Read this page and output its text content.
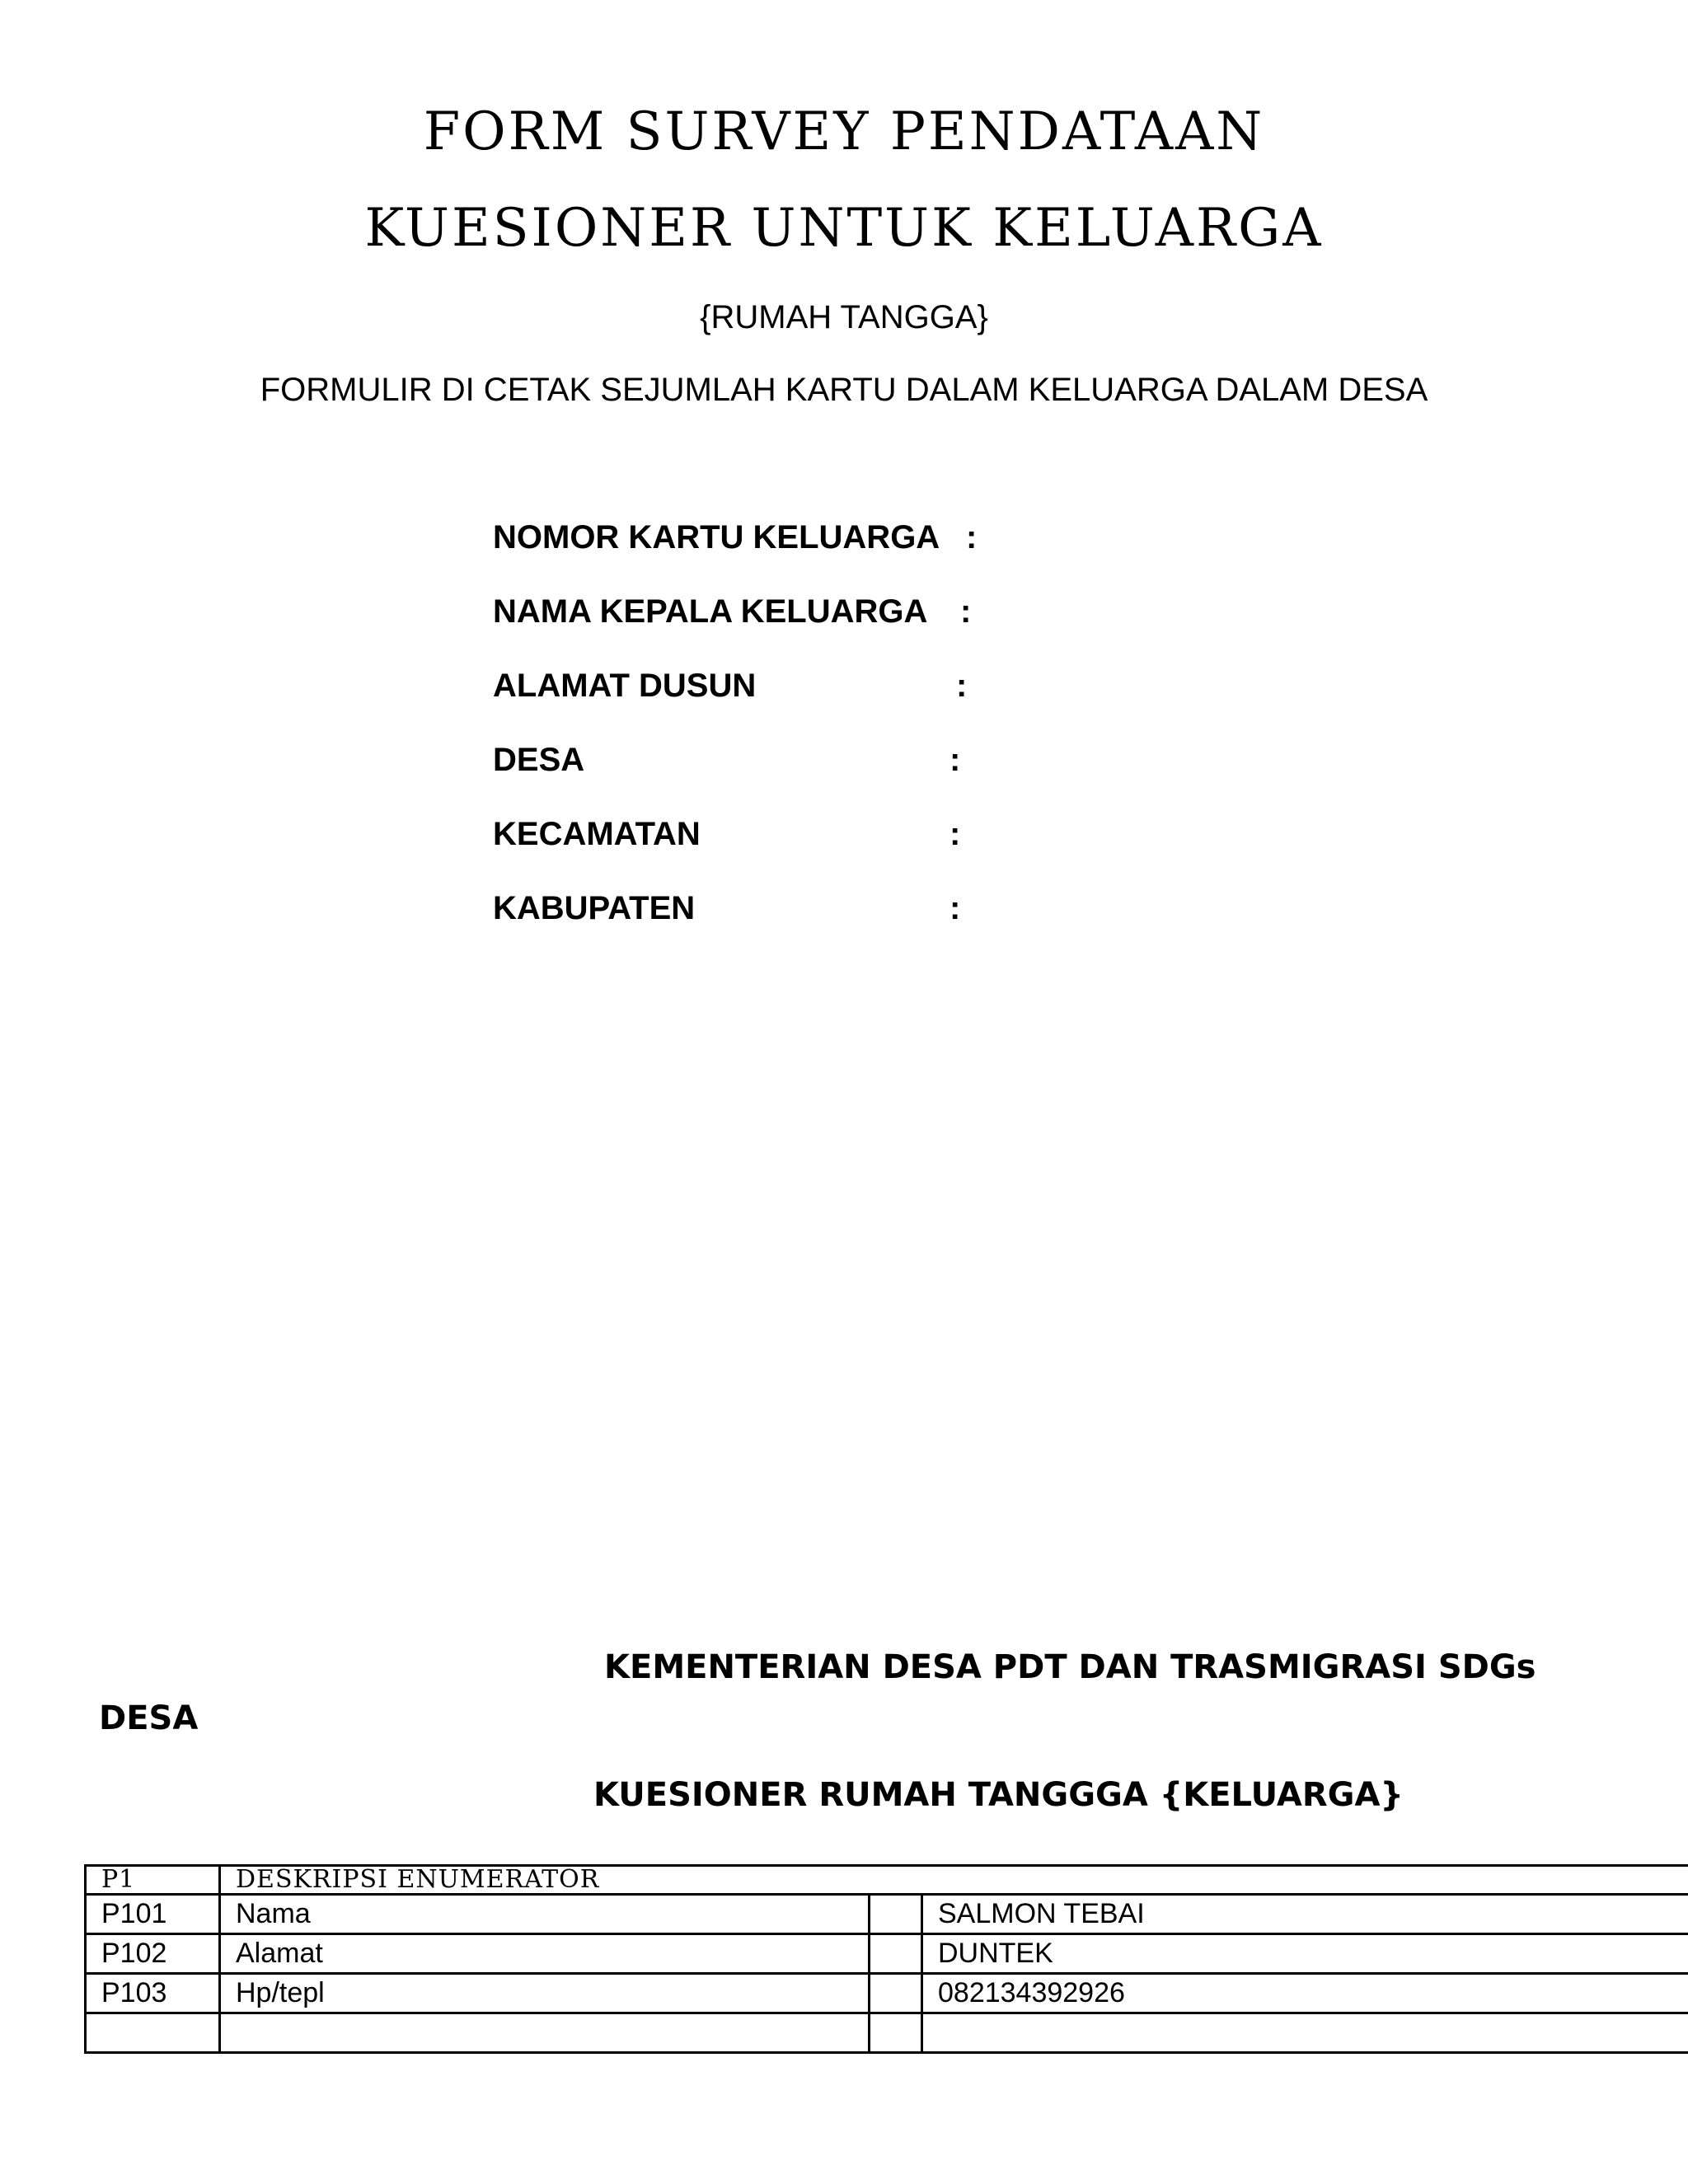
FORM SURVEY PENDATAAN
KUESIONER UNTUK KELUARGA
{RUMAH TANGGA}
FORMULIR DI CETAK SEJUMLAH KARTU DALAM KELUARGA DALAM DESA
NOMOR KARTU KELUARGA :
NAMA KEPALA KELUARGA :
ALAMAT DUSUN	:
DESA	:
KECAMATAN	:
KABUPATEN	:
KEMENTERIAN DESA PDT DAN TRASMIGRASI SDGs
DESA
KUESIONER RUMAH TANGGGA {KELUARGA}
P1	DESKRIPSI ENUMERATOR		
P101	Nama		SALMON TEBAI
P102	Alamat		DUNTEK
P103	Hp/tepl		082134392926
